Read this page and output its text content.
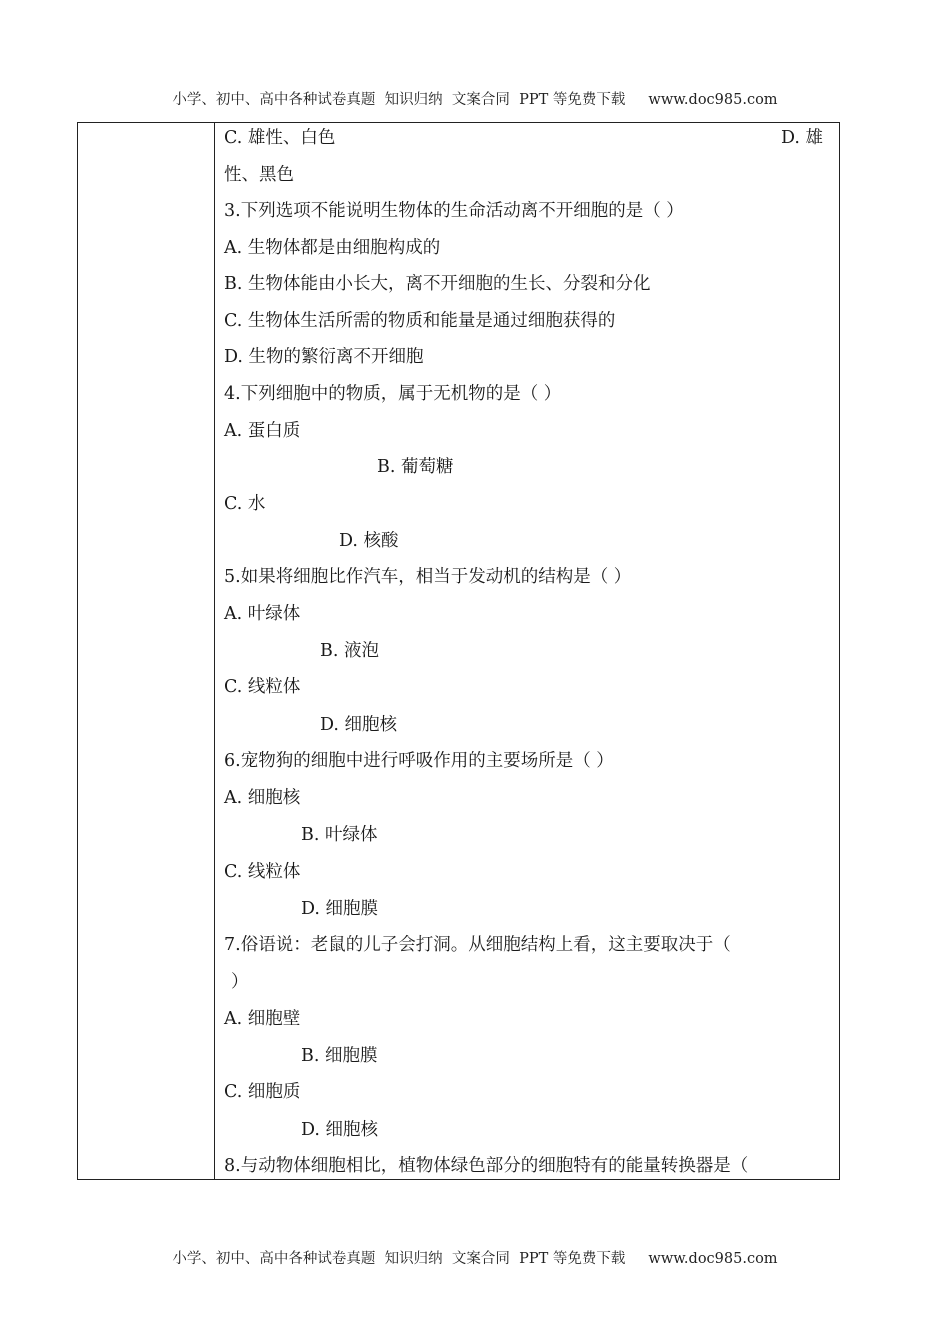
小学、初中、高中各种试卷真题  知识归纳  文案合同  PPT 等免费下载     www.doc985.com
C. 雄性、白色	D. 雄
性、黑色
3.下列选项不能说明生物体的生命活动离不开细胞的是（ ）
A. 生物体都是由细胞构成的
B. 生物体能由小长大，离不开细胞的生长、分裂和分化
C. 生物体生活所需的物质和能量是通过细胞获得的
D. 生物的繁衍离不开细胞
4.下列细胞中的物质，属于无机物的是（ ）
A. 蛋白质
B. 葡萄糖
C. 水
D. 核酸
5.如果将细胞比作汽车，相当于发动机的结构是（ ）
A. 叶绿体
B. 液泡
C. 线粒体
D. 细胞核
6.宠物狗的细胞中进行呼吸作用的主要场所是（ ）
A. 细胞核
B. 叶绿体
C. 线粒体
D. 细胞膜
7.俗语说：老鼠的儿子会打洞。从细胞结构上看，这主要取决于（
）
A. 细胞壁
B. 细胞膜
C. 细胞质
D. 细胞核
8.与动物体细胞相比，植物体绿色部分的细胞特有的能量转换器是（
小学、初中、高中各种试卷真题  知识归纳  文案合同  PPT 等免费下载     www.doc985.com
